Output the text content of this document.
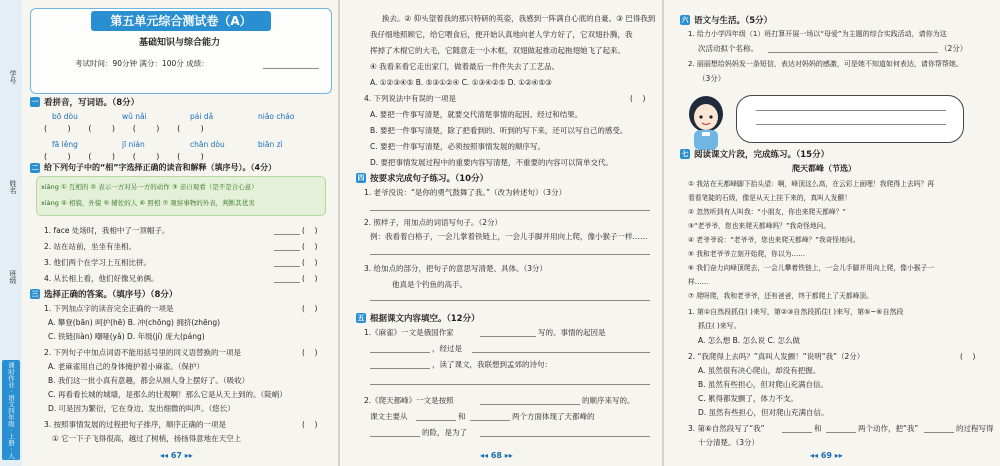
学号
姓名
班级
课时作业 · 语文四年级 · 上册 · 人
第五单元综合测试卷（A）
基础知识与综合能力
考试时间：90分钟 满分：100分 成绩：
一 看拼音，写词语。（8分）
bō dòu	wǔ nǎi	pái dǎ	niǎo cháo
(        )       (        )       (        )       (        )
fā lěng	jī nián	chān dòu	biān zì
(        )       (        )       (        )       (        )
二 给下列句子中的“相”字选择正确的读音和解释（填序号）。（4分）
xiāng ① 互相的 ② 表示一方对另一方的动作 ③ 亲自观看（是不是合心意）
xiàng ④ 相貌，外貌 ⑤ 辅佐的人 ⑥ 照相 ⑦ 观察事物的外表，判断其优劣
1. face 处场时，我相中了一顶帽子。	(    )
2. 站在站前，坐坐有坐相。	(    )
3. 他们两个在学习上互相比拼。	(    )
4. 从长相上看，他们好像兄弟俩。	(    )
三 选择正确的答案。（填序号）（8分）
1. 下列加点字的读音完全正确的一项是	(    )
A. 攀登(bān) 呵护(hē) B. 冲(chōng) 拥挤(zhēng)
C. 铁链(liàn) 嘲哑(yǎ) D. 年级(jí) 庞大(páng)
2. 下列句子中加点词语不能用括号里的同义语替换的一项是	(    )
A. 老麻雀用自己的身体掩护着小麻雀。（保护）
B. 我们这一批小真有意趣，都会从厕人身上摆好了。（吸收）
C. 再看看长城的城墙，是那么的壮观啊！那么它是从天上到的。（陡峭）
D. 可是因为繁衍，它在身边，发出细微的叫声。（悠长）
3. 按照事情发展的过程把句子排序，顺序正确的一项是	(    )
① 它一下子飞得很高，越过了树梢，扬扬得意地在天空上
◂◂ 67 ▸▸
换去。② 仰头望着我的那只特研的英姿，我感到一阵满自心底的自豪。③ 巴得我到
我仔细地照顾它，给它喂食后，便开始认真地向老人学方好了，它双翅扑腾，我
挥掉了木棍它的大毛，它随意走一小木框，双翅做起推动起拖翅她飞了起来。
④ 我看来看它走出家门，做着最后一件件失去了工艺品。
A. ①②③④⑤ B. ⑤③①②④ C. ①③④②⑤ D. ①②④⑤③
4. 下列说法中有误的一项是	(    )
A. 要把一件事写清楚，就要交代清楚事情的起因、经过和结果。
B. 要把一件事写清楚，除了把看到的、听到的写下来，还可以写自己的感受。
C. 要把一件事写清楚，必须按照事情发展的顺序写。
D. 要把事情发展过程中的重要内容写清楚，不重要的内容可以简单交代。
四 按要求完成句子练习。（10分）
1. 老爷没说：“是你的勇气鼓舞了我。”（改为转述句）（3分）
2. 照样子，用加点的词语写句子。（2分）
例：我看着白格子，一会儿掌着铁链上，一会儿手脚并用向上爬，像小猴子一样……
3. 给加点的部分，把句子的意思写清楚、具体。（3分）
他真是个钓鱼的高手。
五 根据课文内容填空。（12分）
1.《麻雀》一文是俄国作家	写的。事情的起因是
，经过是
，读了课文，我联想到孟郊的诗句：
2.《爬天都峰》一文是按照	的顺序来写的。
课文主要从	和	两个方面体现了天都峰的
的险，是为了
◂◂ 68 ▸▸
六 语文与生活。（5分）
1. 给力小学四年级（1）班打算开展一场以“母爱”为主题的综合实践活动，请你为这
次活动拟个名称。	（2分）
2. 丽丽想给妈妈发一条短信，表达对妈妈的感激，可是她不知道如何表达，请你帮帮她。
（3分）
七 阅读课文片段，完成练习。（15分）
爬天都峰（节选）
① 我站在天都峰脚下抬头望：啊，峰顶这么高，在云彩上面哩！我爬得上去吗？再
看看笔陡的石级，像是从天上挂下来的，真叫人发颤！
② 忽然听到有人叫我：“小朋友，你也来爬天都峰？”
③“老爷爷，您也来爬天都峰吗？”我奇怪地问。
④ 老爷爷说：“老爷爷，您也来爬天都峰？”我奇怪地问。
⑤ 我和老爷爷立刻开始爬，你以为……
⑥ 我们奋力向峰顶爬去，一会儿攀着铁链上，一会儿手脚并用向上爬，像小猴子一
样……
⑦ 爬呀爬，我和老爷爷，还有爸爸，终于都爬上了天都峰顶。
1. 第①自然段抓住( )来写，第②③自然段抓住( )来写，第⑤~⑥自然段
抓住( )来写。
A. 怎么想 B. 怎么说 C. 怎么做
2. “我爬得上去吗？”真叫人发颤！”说明“我”（2分）	(    )
A. 虽然很有决心爬山，却没有把握。
B. 虽然有些担心，但对爬山充满自信。
C. 累得都发颤了，体力不支。
D. 虽然有些担心，但对爬山充满自信。
3. 第⑥自然段写了“我”	和	两个动作，把“我”	的过程写得
十分清楚。（3分）
◂◂ 69 ▸▸
